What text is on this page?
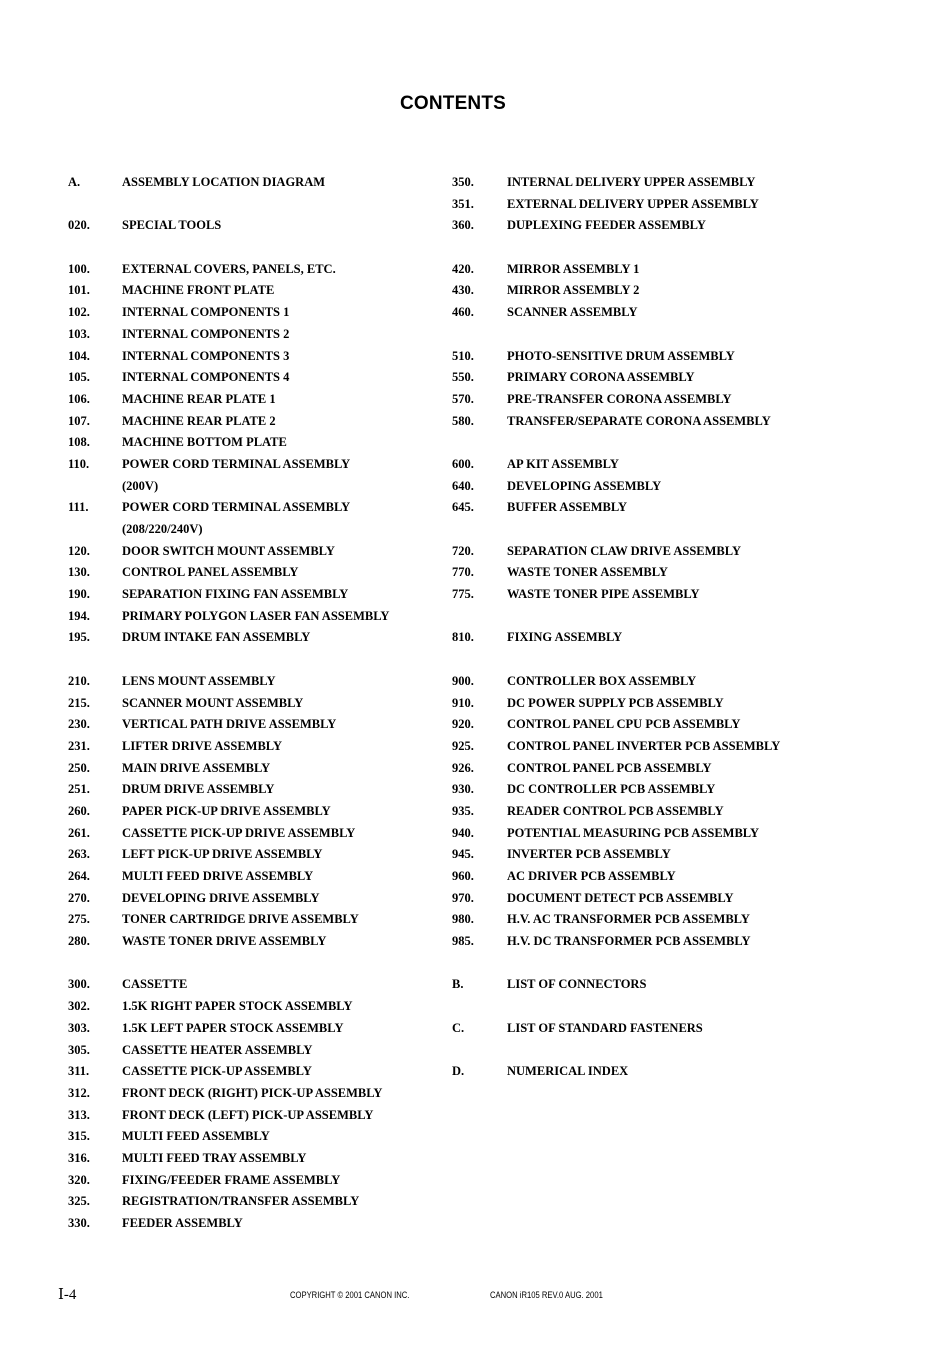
CONTENTS
A.	ASSEMBLY LOCATION DIAGRAM
020.	SPECIAL TOOLS
100.	EXTERNAL COVERS, PANELS, ETC.
101.	MACHINE FRONT PLATE
102.	INTERNAL COMPONENTS 1
103.	INTERNAL COMPONENTS 2
104.	INTERNAL COMPONENTS 3
105.	INTERNAL COMPONENTS 4
106.	MACHINE REAR PLATE 1
107.	MACHINE REAR PLATE 2
108.	MACHINE BOTTOM PLATE
110.	POWER CORD TERMINAL ASSEMBLY
(200V)
111.	POWER CORD TERMINAL ASSEMBLY
(208/220/240V)
120.	DOOR SWITCH MOUNT ASSEMBLY
130.	CONTROL PANEL ASSEMBLY
190.	SEPARATION FIXING FAN ASSEMBLY
194.	PRIMARY POLYGON LASER FAN ASSEMBLY
195.	DRUM INTAKE FAN ASSEMBLY
210.	LENS MOUNT ASSEMBLY
215.	SCANNER MOUNT ASSEMBLY
230.	VERTICAL PATH DRIVE ASSEMBLY
231.	LIFTER DRIVE ASSEMBLY
250.	MAIN DRIVE ASSEMBLY
251.	DRUM DRIVE ASSEMBLY
260.	PAPER PICK-UP DRIVE ASSEMBLY
261.	CASSETTE PICK-UP DRIVE ASSEMBLY
263.	LEFT PICK-UP DRIVE ASSEMBLY
264.	MULTI FEED DRIVE ASSEMBLY
270.	DEVELOPING DRIVE ASSEMBLY
275.	TONER CARTRIDGE DRIVE ASSEMBLY
280.	WASTE TONER DRIVE ASSEMBLY
300.	CASSETTE
302.	1.5K RIGHT PAPER STOCK ASSEMBLY
303.	1.5K LEFT PAPER STOCK ASSEMBLY
305.	CASSETTE HEATER ASSEMBLY
311.	CASSETTE PICK-UP ASSEMBLY
312.	FRONT DECK (RIGHT) PICK-UP ASSEMBLY
313.	FRONT DECK (LEFT) PICK-UP ASSEMBLY
315.	MULTI FEED ASSEMBLY
316.	MULTI FEED TRAY ASSEMBLY
320.	FIXING/FEEDER FRAME ASSEMBLY
325.	REGISTRATION/TRANSFER ASSEMBLY
330.	FEEDER ASSEMBLY
350.	INTERNAL DELIVERY UPPER ASSEMBLY
351.	EXTERNAL DELIVERY UPPER ASSEMBLY
360.	DUPLEXING FEEDER ASSEMBLY
420.	MIRROR ASSEMBLY 1
430.	MIRROR ASSEMBLY 2
460.	SCANNER ASSEMBLY
510.	PHOTO-SENSITIVE DRUM ASSEMBLY
550.	PRIMARY CORONA ASSEMBLY
570.	PRE-TRANSFER CORONA ASSEMBLY
580.	TRANSFER/SEPARATE CORONA ASSEMBLY
600.	AP KIT ASSEMBLY
640.	DEVELOPING ASSEMBLY
645.	BUFFER ASSEMBLY
720.	SEPARATION CLAW DRIVE ASSEMBLY
770.	WASTE TONER ASSEMBLY
775.	WASTE TONER PIPE ASSEMBLY
810.	FIXING ASSEMBLY
900.	CONTROLLER BOX ASSEMBLY
910.	DC POWER SUPPLY PCB ASSEMBLY
920.	CONTROL PANEL CPU PCB ASSEMBLY
925.	CONTROL PANEL INVERTER PCB ASSEMBLY
926.	CONTROL PANEL PCB ASSEMBLY
930.	DC CONTROLLER PCB ASSEMBLY
935.	READER CONTROL PCB ASSEMBLY
940.	POTENTIAL MEASURING PCB ASSEMBLY
945.	INVERTER PCB ASSEMBLY
960.	AC DRIVER PCB ASSEMBLY
970.	DOCUMENT DETECT PCB ASSEMBLY
980.	H.V. AC TRANSFORMER PCB ASSEMBLY
985.	H.V. DC TRANSFORMER PCB ASSEMBLY
B.	LIST OF CONNECTORS
C.	LIST OF STANDARD FASTENERS
D.	NUMERICAL INDEX
Ⅰ-4	COPYRIGHT © 2001 CANON INC.	CANON iR105 REV.0 AUG. 2001
